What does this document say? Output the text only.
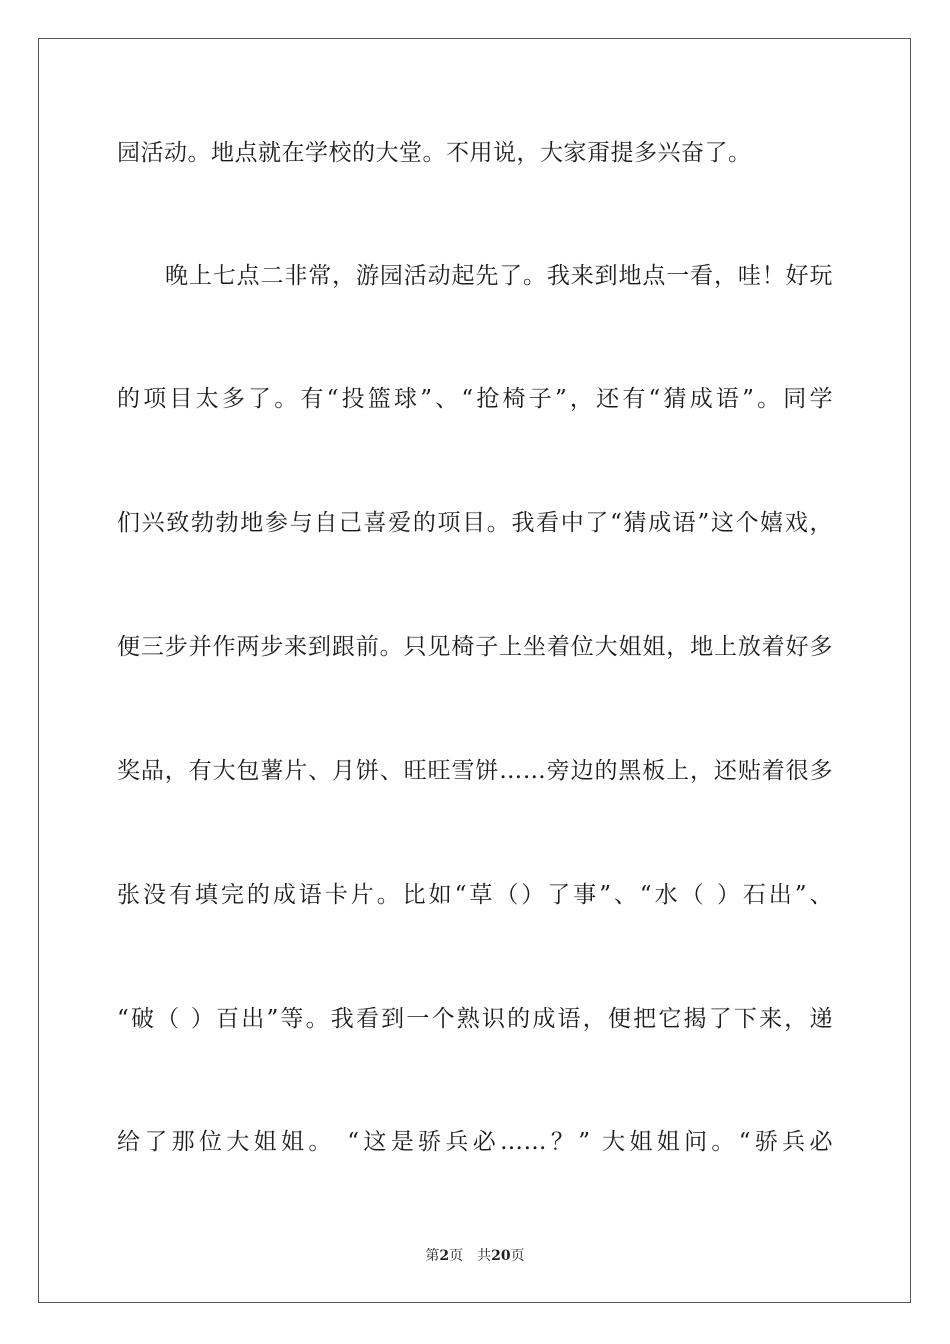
园活动。地点就在学校的大堂。不用说，大家甭提多兴奋了。
晚上七点二非常，游园活动起先了。我来到地点一看，哇！好玩
的项目太多了。有“投篮球”、“抢椅子”，还有“猜成语”。同学
们兴致勃勃地参与自己喜爱的项目。我看中了“猜成语”这个嬉戏，
便三步并作两步来到跟前。只见椅子上坐着位大姐姐，地上放着好多
奖品，有大包薯片、月饼、旺旺雪饼……旁边的黑板上，还贴着很多
张没有填完的成语卡片。比如“草（）了事”、“水（ ）石出”、
“破（ ）百出”等。我看到一个熟识的成语，便把它揭了下来，递
给了那位大姐姐。 “这是骄兵必……？” 大姐姐问。“骄兵必
第2页 共20页
